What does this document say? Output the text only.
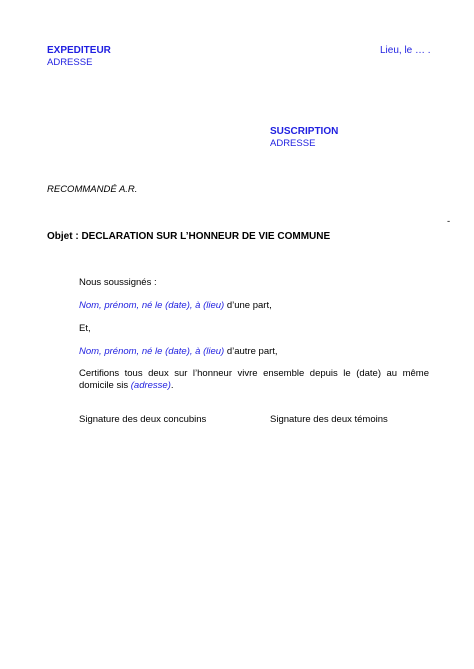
EXPEDITEUR
ADRESSE
Lieu, le … .
SUSCRIPTION
ADRESSE
RECOMMANDÉ A.R.
-
Objet : DECLARATION SUR L’HONNEUR DE VIE COMMUNE
Nous soussignés :
Nom, prénom, né le (date), à (lieu) d’une part,
Et,
Nom, prénom, né le (date), à (lieu) d’autre part,
Certifions tous deux sur l’honneur vivre ensemble depuis le (date) au même
domicile sis (adresse).
Signature des deux concubins	Signature des deux témoins
